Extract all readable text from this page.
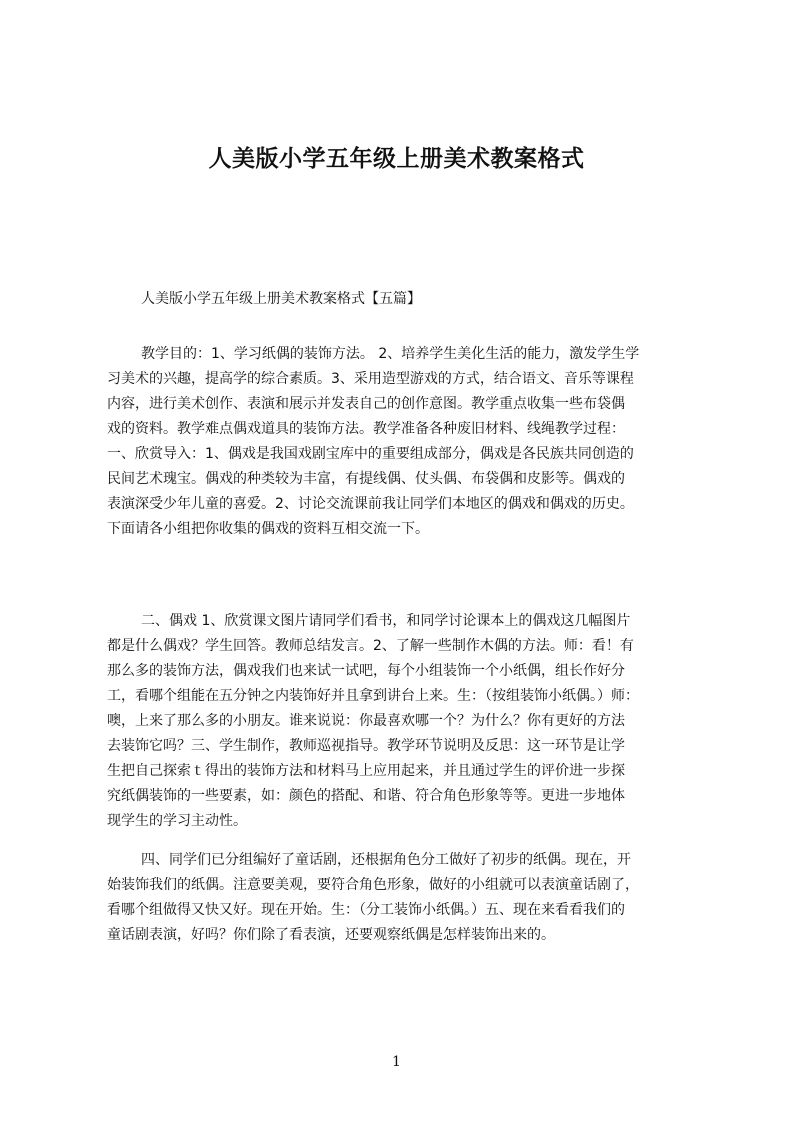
人美版小学五年级上册美术教案格式
人美版小学五年级上册美术教案格式【五篇】
教学目的：1、学习纸偶的装饰方法。 2、培养学生美化生活的能力，激发学生学
习美术的兴趣，提高学的综合素质。3、采用造型游戏的方式，结合语文、音乐等课程
内容，进行美术创作、表演和展示并发表自己的创作意图。教学重点收集一些布袋偶
戏的资料。教学难点偶戏道具的装饰方法。教学准备各种废旧材料、线绳教学过程：
一、欣赏导入：1、偶戏是我国戏剧宝库中的重要组成部分，偶戏是各民族共同创造的
民间艺术瑰宝。偶戏的种类较为丰富，有提线偶、仗头偶、布袋偶和皮影等。偶戏的
表演深受少年儿童的喜爱。2、讨论交流课前我让同学们本地区的偶戏和偶戏的历史。
下面请各小组把你收集的偶戏的资料互相交流一下。
二、偶戏 1、欣赏课文图片请同学们看书，和同学讨论课本上的偶戏这几幅图片
都是什么偶戏？学生回答。教师总结发言。2、了解一些制作木偶的方法。师：看！有
那么多的装饰方法，偶戏我们也来试一试吧，每个小组装饰一个小纸偶，组长作好分
工，看哪个组能在五分钟之内装饰好并且拿到讲台上来。生：（按组装饰小纸偶。）师：
噢，上来了那么多的小朋友。谁来说说：你最喜欢哪一个？为什么？你有更好的方法
去装饰它吗？三、学生制作，教师巡视指导。教学环节说明及反思：这一环节是让学
生把自己探索ｔ得出的装饰方法和材料马上应用起来，并且通过学生的评价进一步探
究纸偶装饰的一些要素，如：颜色的搭配、和谐、符合角色形象等等。更进一步地体
现学生的学习主动性。
四、同学们已分组编好了童话剧，还根据角色分工做好了初步的纸偶。现在，开
始装饰我们的纸偶。注意要美观，要符合角色形象，做好的小组就可以表演童话剧了，
看哪个组做得又快又好。现在开始。生：（分工装饰小纸偶。）五、现在来看看我们的
童话剧表演，好吗？你们除了看表演，还要观察纸偶是怎样装饰出来的。
1
